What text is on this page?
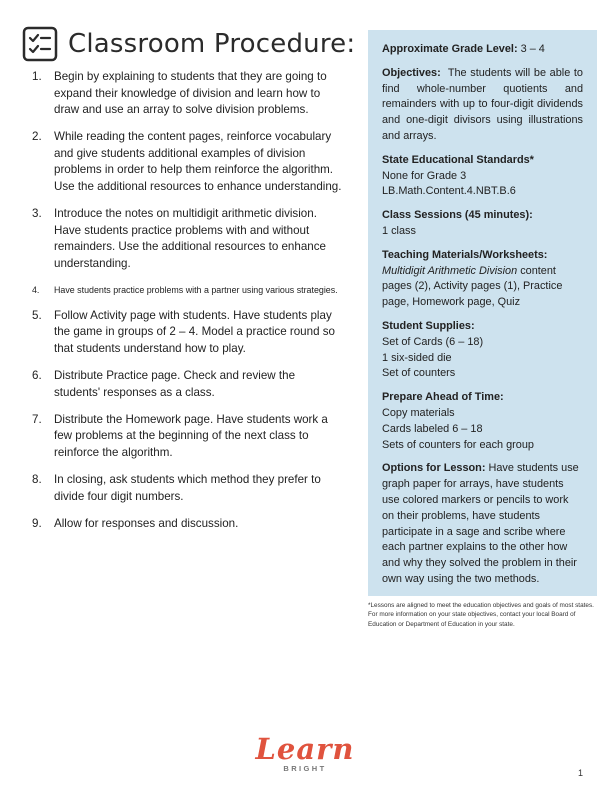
Classroom Procedure:
1.	Begin by explaining to students that they are going to expand their knowledge of division and learn how to draw and use an array to solve division problems.
2.	While reading the content pages, reinforce vocabulary and give students additional examples of division problems in order to help them reinforce the algorithm. Use the additional resources to enhance understanding.
3.	Introduce the notes on multidigit arithmetic division. Have students practice problems with and without remainders. Use the additional resources to enhance understanding.
4.	Have students practice problems with a partner using various strategies.
5.	Follow Activity page with students. Have students play the game in groups of 2 – 4. Model a practice round so that students understand how to play.
6.	Distribute Practice page. Check and review the students' responses as a class.
7.	Distribute the Homework page. Have students work a few problems at the beginning of the next class to reinforce the algorithm.
8.	In closing, ask students which method they prefer to divide four digit numbers.
9.	Allow for responses and discussion.
Approximate Grade Level: 3 – 4
Objectives: The students will be able to find whole-number quotients and remainders with up to four-digit dividends and one-digit divisors using illustrations and arrays.
State Educational Standards*
None for Grade 3
LB.Math.Content.4.NBT.B.6
Class Sessions (45 minutes):
1 class
Teaching Materials/Worksheets:
Multidigit Arithmetic Division content pages (2), Activity pages (1), Practice page, Homework page, Quiz
Student Supplies:
Set of Cards (6 – 18)
1 six-sided die
Set of counters
Prepare Ahead of Time:
Copy materials
Cards labeled 6 – 18
Sets of counters for each group
Options for Lesson: Have students use graph paper for arrays, have students use colored markers or pencils to work on their problems, have students participate in a sage and scribe where each partner explains to the other how and why they solved the problem in their own way using the two methods.
*Lessons are aligned to meet the education objectives and goals of most states. For more information on your state objectives, contact your local Board of Education or Department of Education in your state.
Learn
BRIGHT	1
